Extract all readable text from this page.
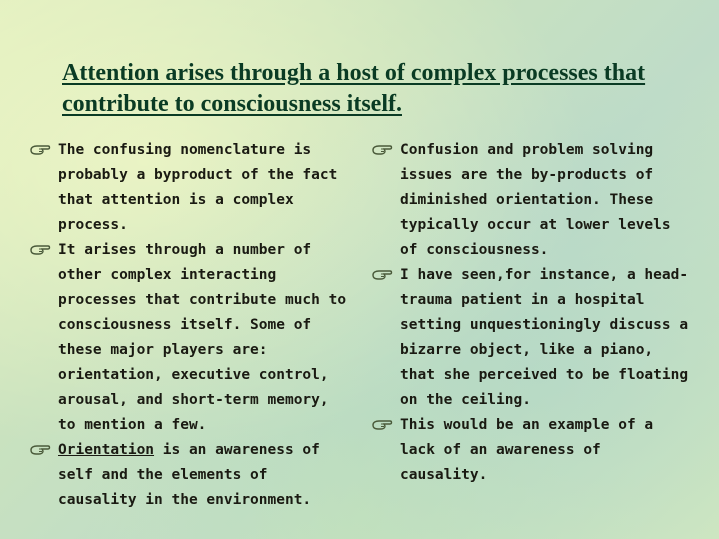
Attention arises through a host of complex processes that contribute to consciousness itself.
The confusing nomenclature is probably a byproduct of the fact that attention is a complex process.
It arises through a number of other complex interacting processes that contribute much to consciousness itself. Some of these major players are: orientation, executive control, arousal, and short-term memory, to mention a few.
Orientation is an awareness of self and the elements of causality in the environment.
Confusion and problem solving issues are the by-products of diminished orientation. These typically occur at lower levels of consciousness.
I have seen,for instance, a head-trauma patient in a hospital setting unquestioningly discuss a bizarre object, like a piano, that she perceived to be floating on the ceiling.
This would be an example of a lack of an awareness of causality.
